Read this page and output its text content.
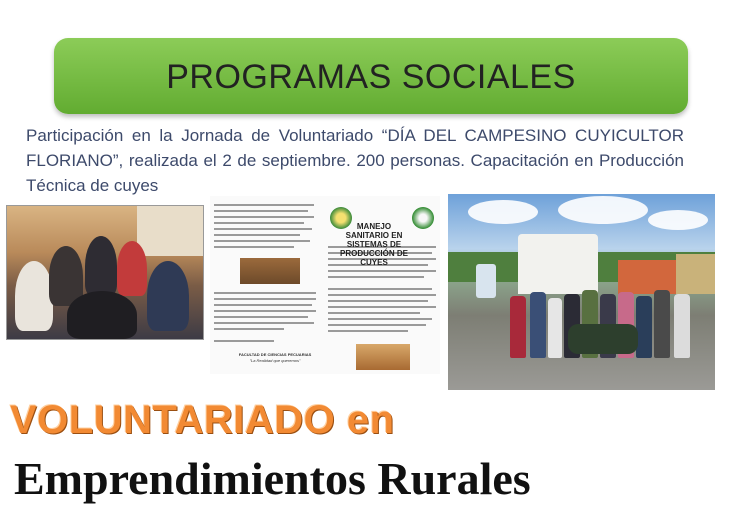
PROGRAMAS SOCIALES
Participación en la Jornada de Voluntariado “DÍA DEL CAMPESINO CUYICULTOR FLORIANO”, realizada el 2 de septiembre. 200 personas. Capacitación en Producción Técnica de cuyes
FACULTAD DE CIENCIAS PECUARIAS
"La Realidad que queremos"
MANEJO SANITARIO EN SISTEMAS DE PRODUCCIÓN DE CUYES
VOLUNTARIADO en
Emprendimientos Rurales
